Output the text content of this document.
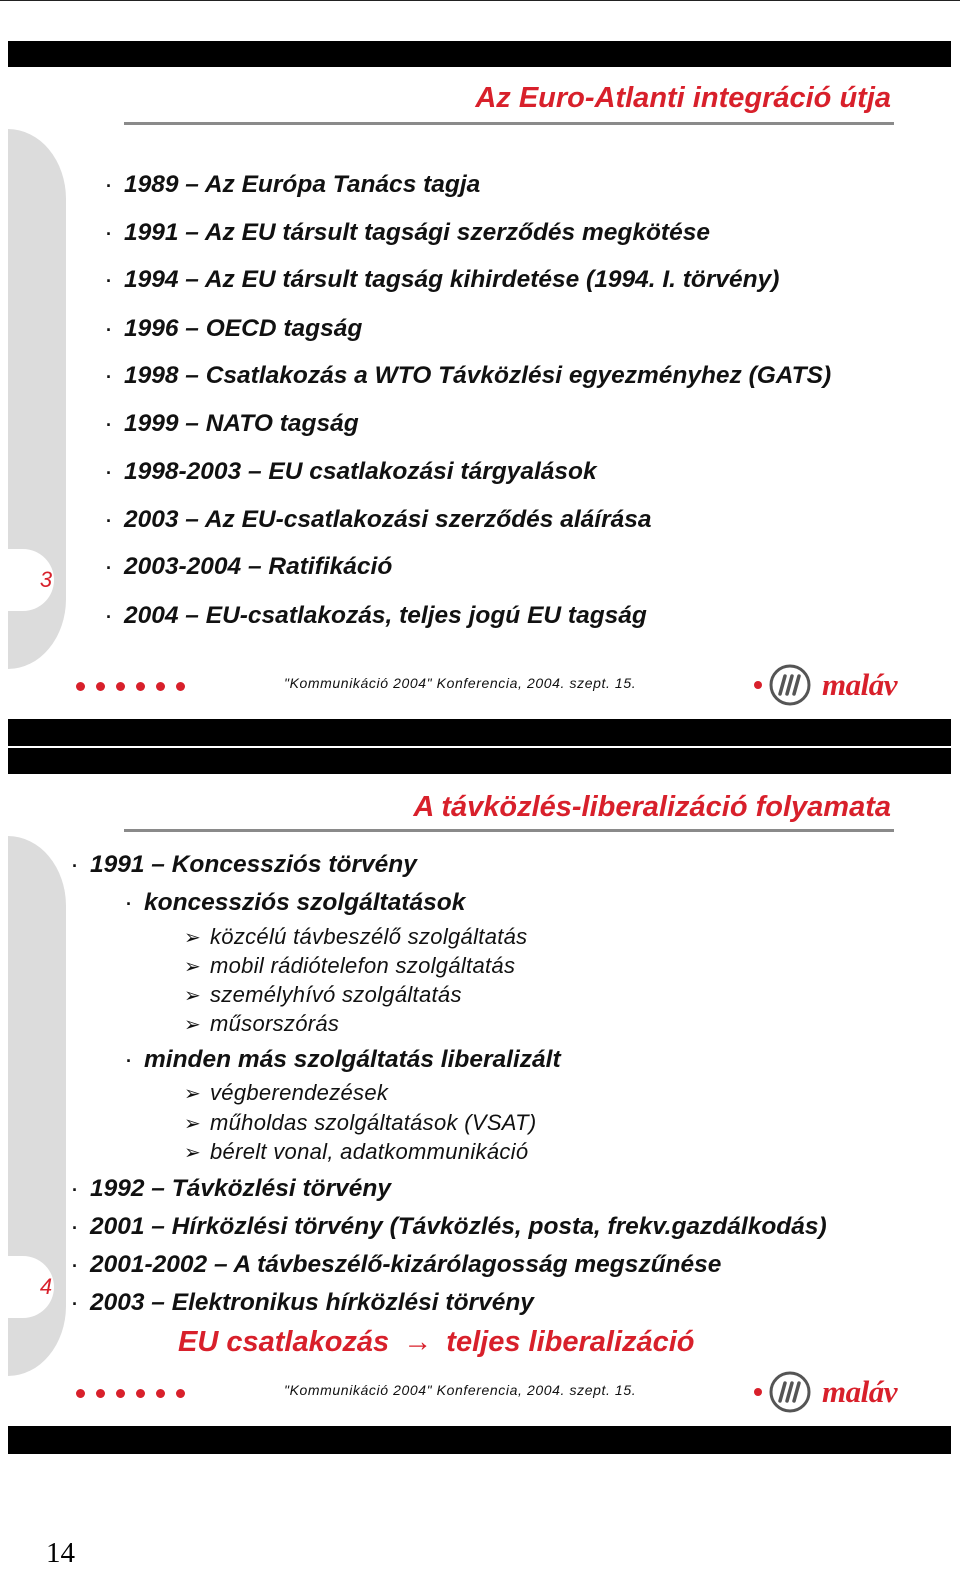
3
Az Euro-Atlanti integráció útja
· 1989 – Az Európa Tanács tagja
· 1991 – Az EU társult tagsági szerződés megkötése
· 1994 – Az EU társult tagság kihirdetése (1994. I. törvény)
· 1996 – OECD tagság
· 1998 – Csatlakozás a WTO Távközlési egyezményhez (GATS)
· 1999 – NATO tagság
· 1998-2003 – EU csatlakozási tárgyalások
· 2003 – Az EU-csatlakozási szerződés aláírása
· 2003-2004 – Ratifikáció
· 2004 – EU-csatlakozás, teljes jogú EU tagság
"Kommunikáció 2004" Konferencia, 2004. szept. 15.	maláv
4
A távközlés-liberalizáció folyamata
· 1991 – Koncessziós törvény
· koncessziós szolgáltatások
➢ közcélú távbeszélő szolgáltatás
➢ mobil rádiótelefon szolgáltatás
➢ személyhívó szolgáltatás
➢ műsorszórás
· minden más szolgáltatás liberalizált
➢ végberendezések
➢ műholdas szolgáltatások (VSAT)
➢ bérelt vonal, adatkommunikáció
· 1992 – Távközlési törvény
· 2001 – Hírközlési törvény (Távközlés, posta, frekv.gazdálkodás)
· 2001-2002 – A távbeszélő-kizárólagosság megszűnése
· 2003 – Elektronikus hírközlési törvény
EU csatlakozás → teljes liberalizáció
"Kommunikáció 2004" Konferencia, 2004. szept. 15.	maláv
14
